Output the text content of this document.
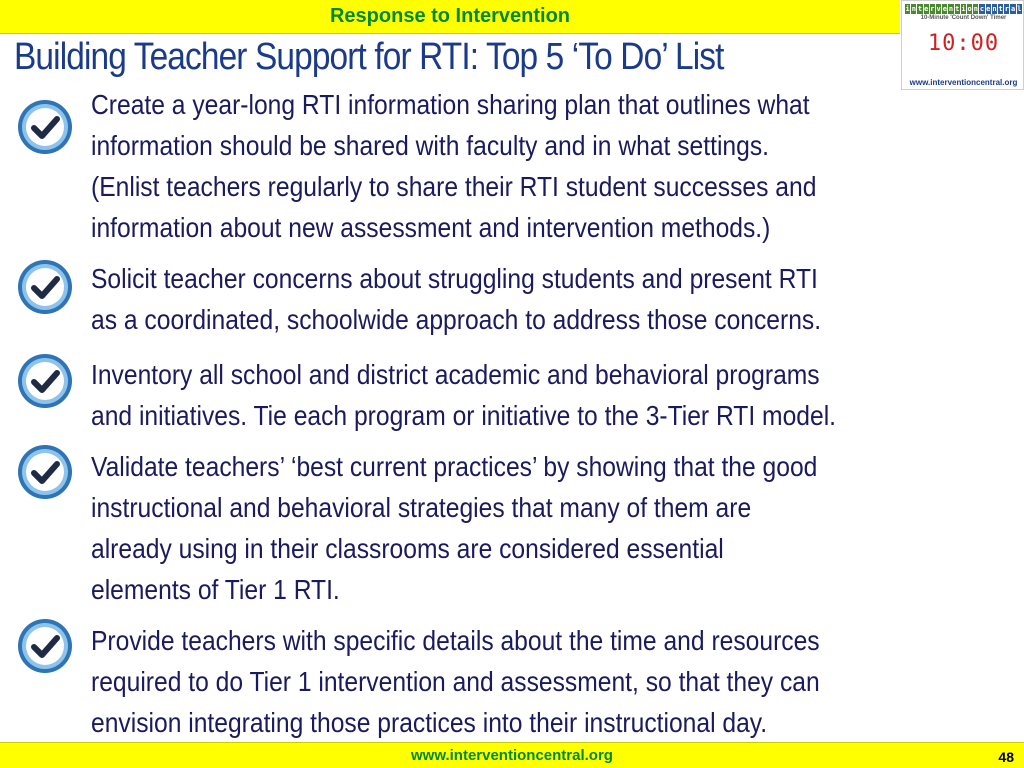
Response to Intervention	i n t e r v e n t i o n c e n t r a l
10-Minute 'Count Down' Timer
10:00
www.interventioncentral.org
Building Teacher Support for RTI: Top 5 ‘To Do’ List
Create a year-long RTI information sharing plan that outlines what
information should be shared with faculty and in what settings.
(Enlist teachers regularly to share their RTI student successes and
information about new assessment and intervention methods.)
Solicit teacher concerns about struggling students and present RTI
as a coordinated, schoolwide approach to address those concerns.
Inventory all school and district academic and behavioral programs
and initiatives. Tie each program or initiative to the 3-Tier RTI model.
Validate teachers’ ‘best current practices’ by showing that the good
instructional and behavioral strategies that many of them are
already using in their classrooms are considered essential
elements of Tier 1 RTI.
Provide teachers with specific details about the time and resources
required to do Tier 1 intervention and assessment, so that they can
envision integrating those practices into their instructional day.
www.interventioncentral.org	48
